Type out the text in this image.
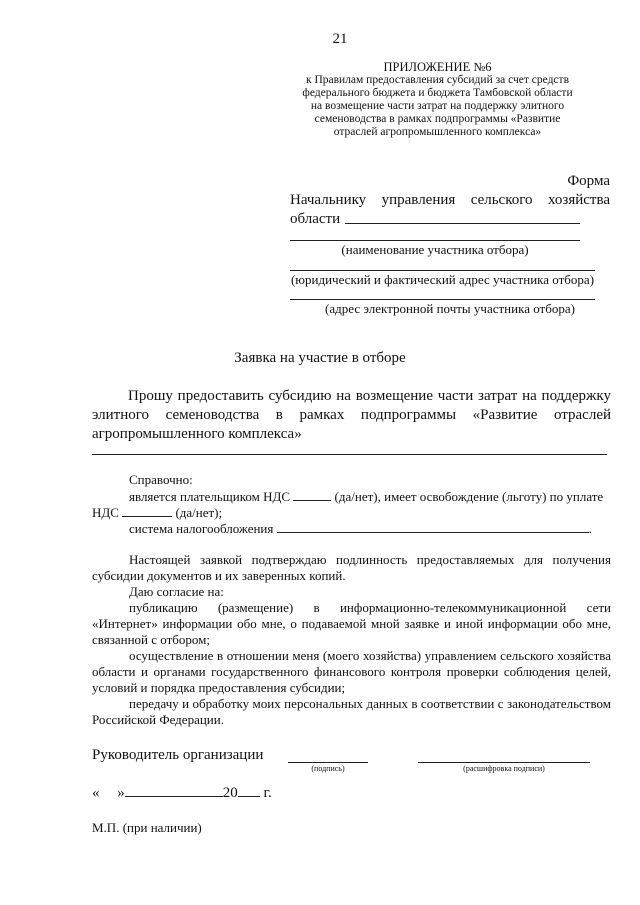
21
ПРИЛОЖЕНИЕ №6
к Правилам предоставления субсидий за счет средств
федерального бюджета и бюджета Тамбовской области
на возмещение части затрат на поддержку элитного
семеноводства в рамках подпрограммы «Развитие
отраслей агропромышленного комплекса»
Форма
Начальнику управления сельского хозяйства
области
(наименование участника отбора)
(юридический и фактический адрес участника отбора)
(адрес электронной почты участника отбора)
Заявка на участие в отборе
Прошу предоставить субсидию на возмещение части затрат на поддержку
элитного семеноводства в рамках подпрограммы «Развитие отраслей
агропромышленного комплекса»
Справочно:
является плательщиком НДС	(да/нет), имеет освобождение (льготу) по уплате
НДС	(да/нет);
система налогообложения	.
Настоящей заявкой подтверждаю подлинность предоставляемых для получения
субсидии документов и их заверенных копий.
Даю согласие на:
публикацию (размещение) в информационно-телекоммуникационной сети
«Интернет» информации обо мне, о подаваемой мной заявке и иной информации обо мне,
связанной с отбором;
осуществление в отношении меня (моего хозяйства) управлением сельского хозяйства
области и органами государственного финансового контроля проверки соблюдения целей,
условий и порядка предоставления субсидии;
передачу и обработку моих персональных данных в соответствии с законодательством
Российской Федерации.
Руководитель организации
(подпись)	(расшифровка подписи)
« »	20 г.
М.П. (при наличии)
